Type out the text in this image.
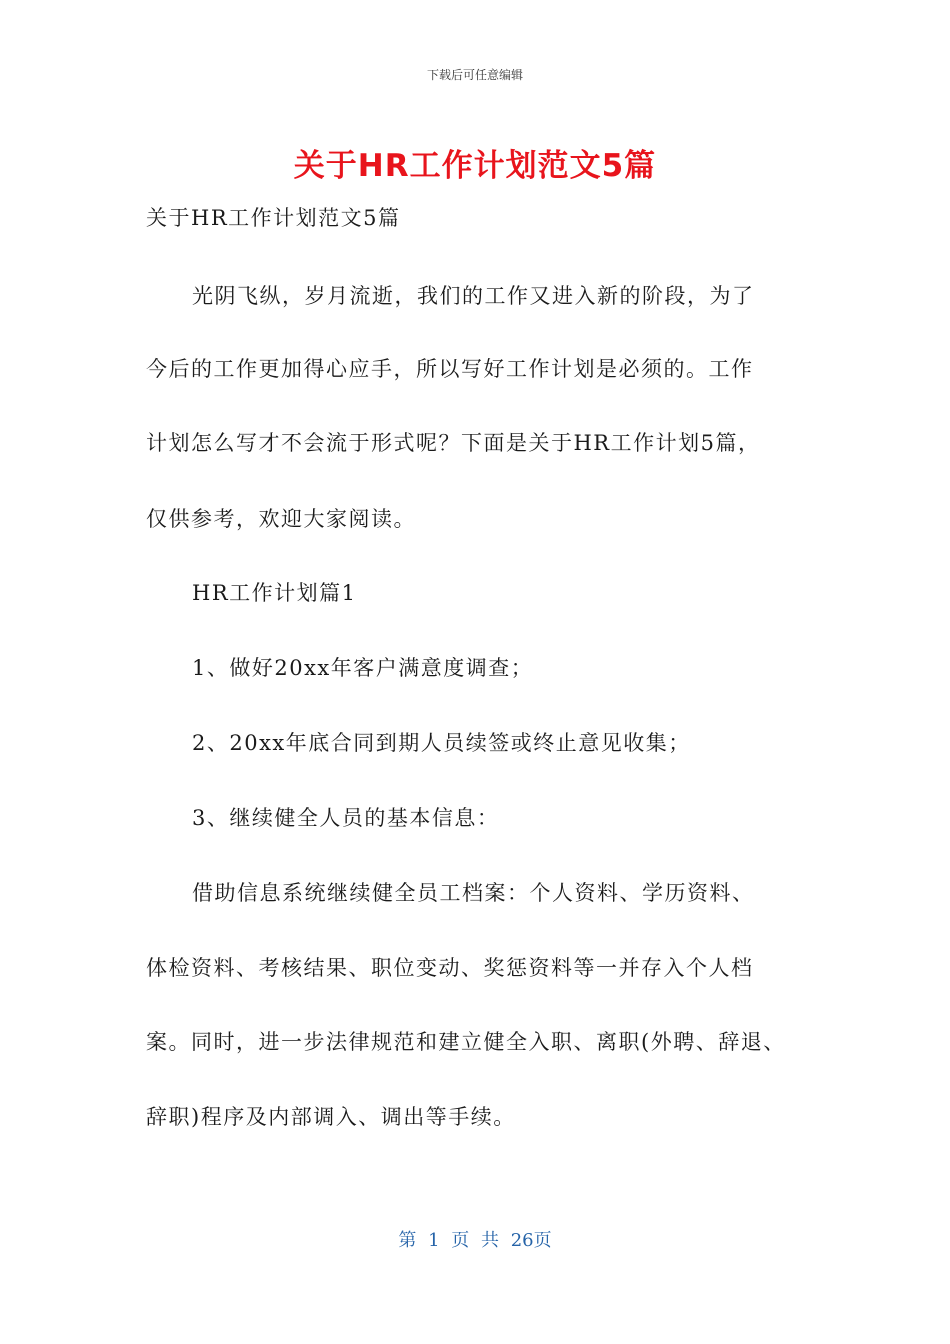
下载后可任意编辑
关于HR工作计划范文5篇
关于HR工作计划范文5篇
光阴飞纵，岁月流逝，我们的工作又进入新的阶段，为了
今后的工作更加得心应手，所以写好工作计划是必须的。工作
计划怎么写才不会流于形式呢？下面是关于HR工作计划5篇，
仅供参考，欢迎大家阅读。
HR工作计划篇1
1、做好20xx年客户满意度调查；
2、20xx年底合同到期人员续签或终止意见收集；
3、继续健全人员的基本信息：
借助信息系统继续健全员工档案：个人资料、学历资料、
体检资料、考核结果、职位变动、奖惩资料等一并存入个人档
案。同时，进一步法律规范和建立健全入职、离职(外聘、辞退、
辞职)程序及内部调入、调出等手续。
第 1 页 共 26页
